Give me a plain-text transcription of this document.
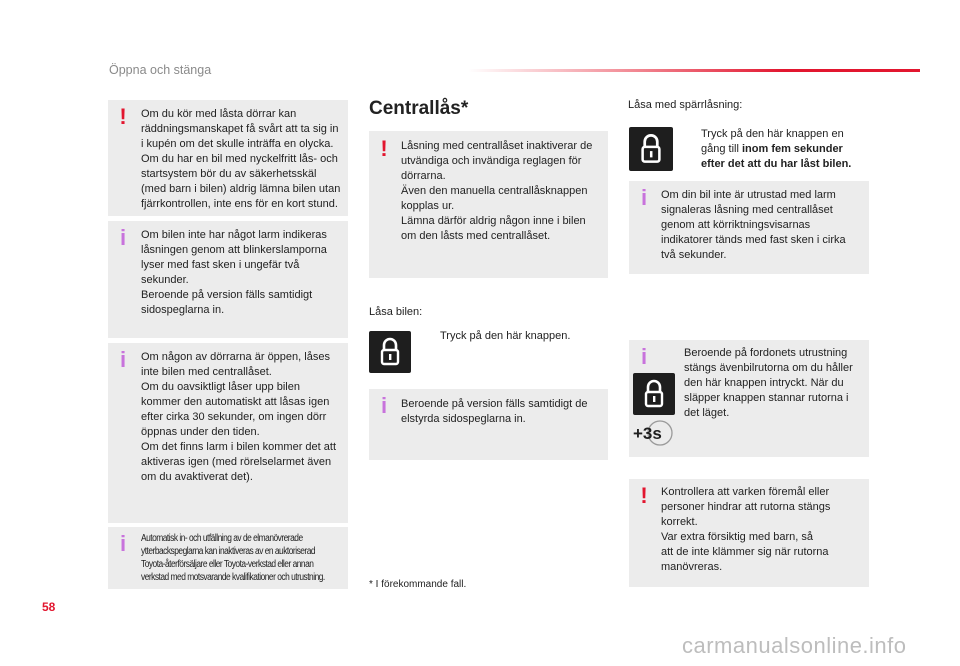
Öppna och stänga
! Om du kör med låsta dörrar kan
räddningsmanskapet få svårt att ta sig in
i kupén om det skulle inträffa en olycka.
Om du har en bil med nyckelfritt lås- och
startsystem bör du av säkerhetsskäl
(med barn i bilen) aldrig lämna bilen utan
fjärrkontrollen, inte ens för en kort stund.
i Om bilen inte har något larm indikeras
låsningen genom att blinkerslamporna
lyser med fast sken i ungefär två
sekunder.
Beroende på version fälls samtidigt
sidospeglarna in.
i Om någon av dörrarna är öppen, låses
inte bilen med centrallåset.
Om du oavsiktligt låser upp bilen
kommer den automatiskt att låsas igen
efter cirka 30 sekunder, om ingen dörr
öppnas under den tiden.
Om det finns larm i bilen kommer det att
aktiveras igen (med rörelselarmet även
om du avaktiverat det).
i Automatisk in- och utfällning av de elmanövrerade
ytterbackspeglarna kan inaktiveras av en auktoriserad
Toyota-återförsäljare eller Toyota-verkstad eller annan
verkstad med motsvarande kvalifikationer och utrustning.
Centrallås*
! Låsning med centrallåset inaktiverar de
utvändiga och invändiga reglagen för
dörrarna.
Även den manuella centrallåsknappen
kopplas ur.
Lämna därför aldrig någon inne i bilen
om den låsts med centrallåset.
Låsa bilen:
Tryck på den här knappen.
i Beroende på version fälls samtidigt de
elstyrda sidospeglarna in.
* I förekommande fall.
Låsa med spärrlåsning:
Tryck på den här knappen en
gång till inom fem sekunder
efter det att du har låst bilen.
i Om din bil inte är utrustad med larm
signaleras låsning med centrallåset
genom att körriktningsvisarnas
indikatorer tänds med fast sken i cirka
två sekunder.
i
+3s
Beroende på fordonets utrustning
stängs ävenbilrutorna om du håller
den här knappen intryckt. När du
släpper knappen stannar rutorna i
det läget.
! Kontrollera att varken föremål eller
personer hindrar att rutorna stängs
korrekt.
Var extra försiktig med barn, så
att de inte klämmer sig när rutorna
manövreras.
58
carmanualsonline.info
